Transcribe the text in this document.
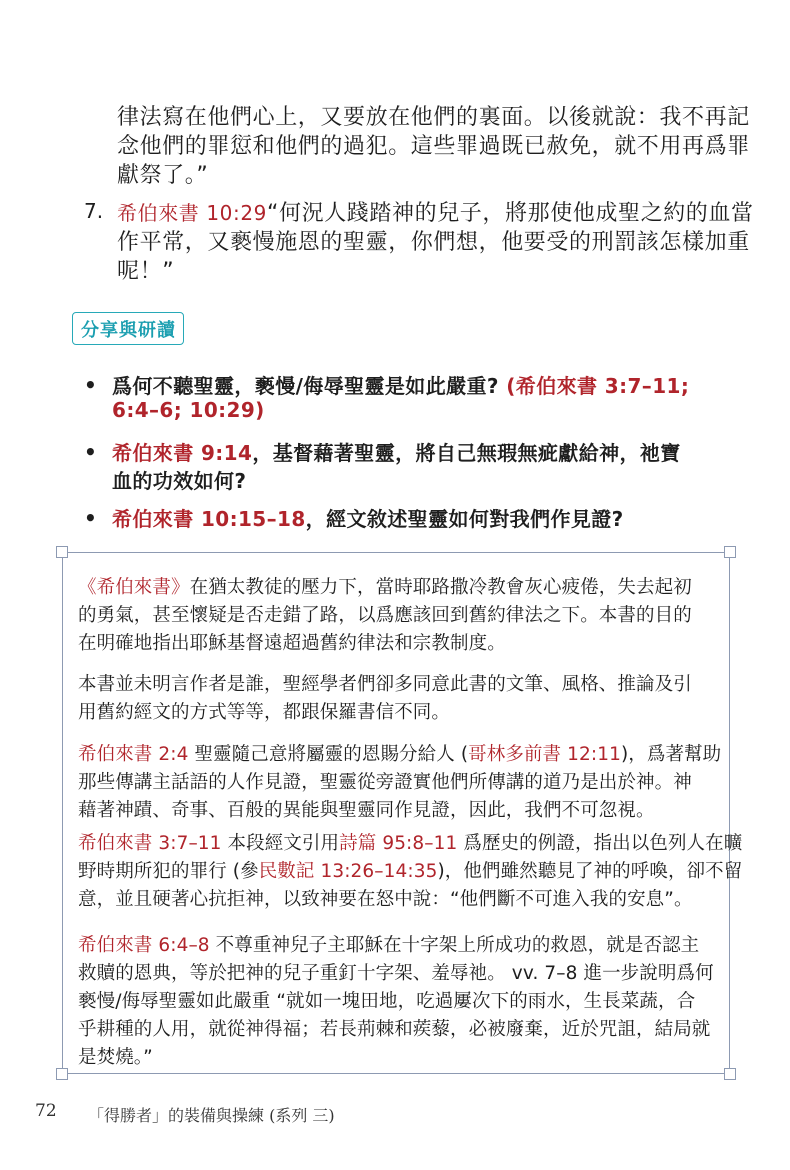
律法寫在他們心上，又要放在他們的裏面。以後就說：我不再記
念他們的罪愆和他們的過犯。這些罪過既已赦免，就不用再爲罪
獻祭了。”
7. 希伯來書 10:29“何況人踐踏神的兒子，將那使他成聖之約的血當
作平常，又褻慢施恩的聖靈，你們想，他要受的刑罰該怎樣加重
呢！”
分享與研讀
• 爲何不聽聖靈，褻慢/侮辱聖靈是如此嚴重? (希伯來書 3:7–11;
6:4–6; 10:29)
• 希伯來書 9:14，基督藉著聖靈，將自己無瑕無疵獻給神，祂寶
血的功效如何?
• 希伯來書 10:15–18，經文敘述聖靈如何對我們作見證?
《希伯來書》在猶太教徒的壓力下，當時耶路撒冷教會灰心疲倦，失去起初
的勇氣，甚至懷疑是否走錯了路，以爲應該回到舊約律法之下。本書的目的
在明確地指出耶穌基督遠超過舊約律法和宗教制度。
本書並未明言作者是誰，聖經學者們卻多同意此書的文筆、風格、推論及引
用舊約經文的方式等等，都跟保羅書信不同。
希伯來書 2:4 聖靈隨己意將屬靈的恩賜分給人 (哥林多前書 12:11)，爲著幫助
那些傳講主話語的人作見證，聖靈從旁證實他們所傳講的道乃是出於神。神
藉著神蹟、奇事、百般的異能與聖靈同作見證，因此，我們不可忽視。
希伯來書 3:7–11 本段經文引用詩篇 95:8–11 爲歷史的例證，指出以色列人在曠
野時期所犯的罪行 (參民數記 13:26–14:35)，他們雖然聽見了神的呼喚，卻不留
意，並且硬著心抗拒神，以致神要在怒中說：“他們斷不可進入我的安息”。
希伯來書 6:4–8 不尊重神兒子主耶穌在十字架上所成功的救恩，就是否認主
救贖的恩典，等於把神的兒子重釘十字架、羞辱祂。 vv. 7–8 進一步說明爲何
褻慢/侮辱聖靈如此嚴重 “就如一塊田地，吃過屢次下的雨水，生長菜蔬，合
乎耕種的人用，就從神得福；若長荊棘和蒺藜，必被廢棄，近於咒詛，結局就
是焚燒。”
72 「得勝者」的裝備與操練 (系列 三)
